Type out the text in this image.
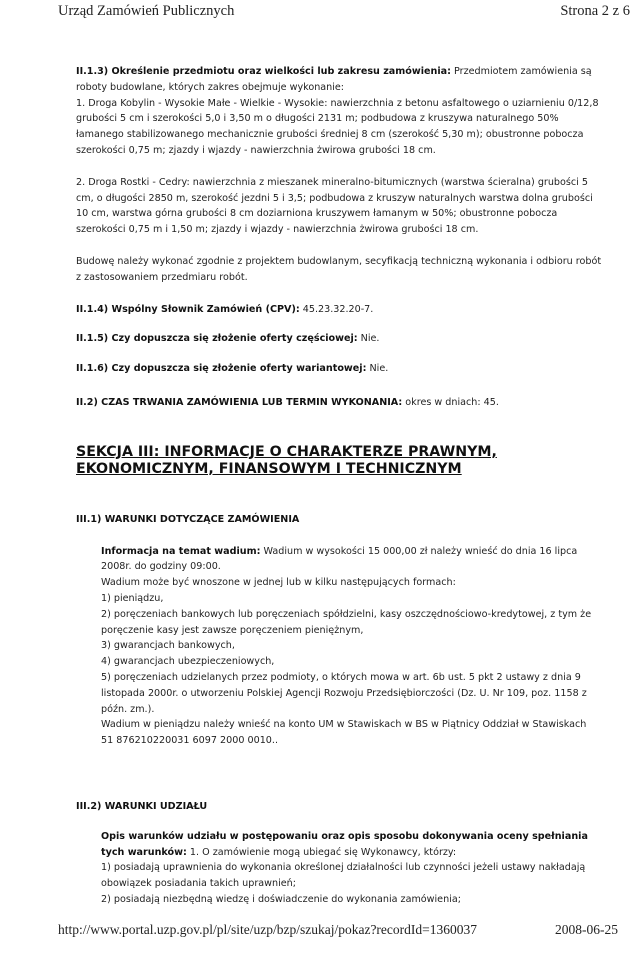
Urząd Zamówień Publicznych	Strona 2 z 6

II.1.3) Określenie przedmiotu oraz wielkości lub zakresu zamówienia: Przedmiotem zamówienia są roboty budowlane, których zakres obejmuje wykonanie:

1. Droga Kobylin - Wysokie Małe - Wielkie - Wysokie: nawierzchnia z betonu asfaltowego o uziarnieniu 0/12,8 grubości 5 cm i szerokości 5,0 i 3,50 m o długości 2131 m; podbudowa z kruszywa naturalnego 50% łamanego stabilizowanego mechanicznie grubości średniej 8 cm (szerokość 5,30 m); obustronne pobocza szerokości 0,75 m; zjazdy i wjazdy - nawierzchnia żwirowa grubości 18 cm.

2. Droga Rostki - Cedry: nawierzchnia z mieszanek mineralno-bitumicznych (warstwa ścieralna) grubości 5 cm, o długości 2850 m, szerokość jezdni 5 i 3,5; podbudowa z kruszyw naturalnych warstwa dolna grubości 10 cm, warstwa górna grubości 8 cm doziarniona kruszywem łamanym w 50%; obustronne pobocza szerokości 0,75 m i 1,50 m; zjazdy i wjazdy - nawierzchnia żwirowa grubości 18 cm.

Budowę należy wykonać zgodnie z projektem budowlanym, secyfikacją techniczną wykonania i odbioru robót z zastosowaniem przedmiaru robót.

II.1.4) Wspólny Słownik Zamówień (CPV): 45.23.32.20-7.

II.1.5) Czy dopuszcza się złożenie oferty częściowej: Nie.

II.1.6) Czy dopuszcza się złożenie oferty wariantowej: Nie.

II.2) CZAS TRWANIA ZAMÓWIENIA LUB TERMIN WYKONANIA: okres w dniach: 45.

SEKCJA III: INFORMACJE O CHARAKTERZE PRAWNYM,

EKONOMICZNYM, FINANSOWYM I TECHNICZNYM

III.1) WARUNKI DOTYCZĄCE ZAMÓWIENIA

Informacja na temat wadium: Wadium w wysokości 15 000,00 zł należy wnieść do dnia 16 lipca 2008r. do godziny 09:00.

Wadium może być wnoszone w jednej lub w kilku następujących formach:

1) pieniądzu,

2) poręczeniach bankowych lub poręczeniach spółdzielni, kasy oszczędnościowo-kredytowej, z tym że poręczenie kasy jest zawsze poręczeniem pieniężnym,

3) gwarancjach bankowych,

4) gwarancjach ubezpieczeniowych,

5) poręczeniach udzielanych przez podmioty, o których mowa w art. 6b ust. 5 pkt 2 ustawy z dnia 9 listopada 2000r. o utworzeniu Polskiej Agencji Rozwoju Przedsiębiorczości (Dz. U. Nr 109, poz. 1158 z późn. zm.).

Wadium w pieniądzu należy wnieść na konto UM w Stawiskach w BS w Piątnicy Oddział w Stawiskach 51 876210220031 6097 2000 0010..

III.2) WARUNKI UDZIAŁU

Opis warunków udziału w postępowaniu oraz opis sposobu dokonywania oceny spełniania tych warunków: 1. O zamówienie mogą ubiegać się Wykonawcy, którzy:

1) posiadają uprawnienia do wykonania określonej działalności lub czynności jeżeli ustawy nakładają obowiązek posiadania takich uprawnień;

2) posiadają niezbędną wiedzę i doświadczenie do wykonania zamówienia;

http://www.portal.uzp.gov.pl/pl/site/uzp/bzp/szukaj/pokaz?recordId=1360037	2008-06-25
